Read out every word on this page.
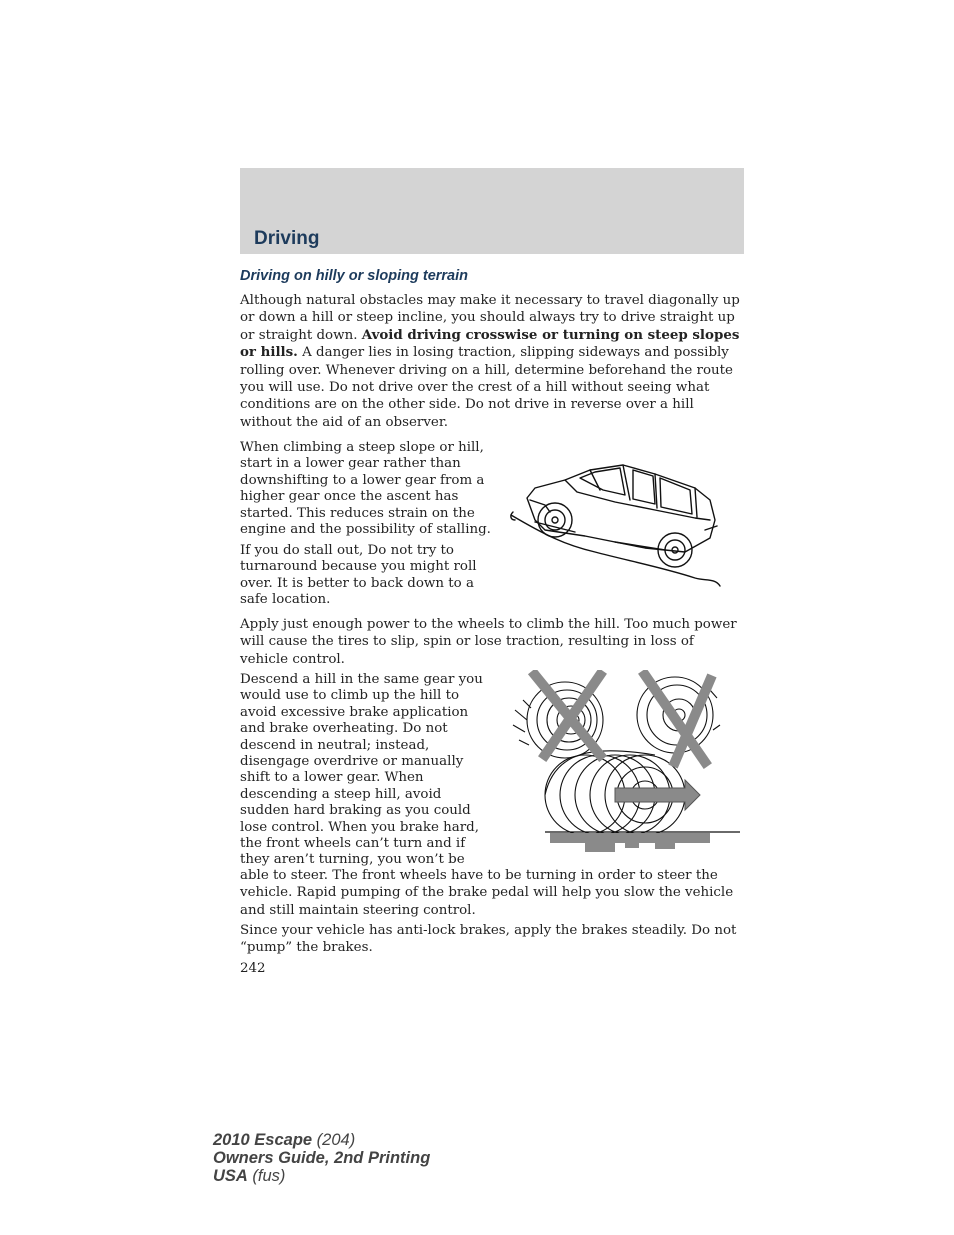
Driving
Driving on hilly or sloping terrain

Although natural obstacles may make it necessary to travel diagonally up or down a hill or steep incline, you should always try to drive straight up or straight down. Avoid driving crosswise or turning on steep slopes or hills. A danger lies in losing traction, slipping sideways and possibly rolling over. Whenever driving on a hill, determine beforehand the route you will use. Do not drive over the crest of a hill without seeing what conditions are on the other side. Do not drive in reverse over a hill without the aid of an observer.

When climbing a steep slope or hill, start in a lower gear rather than downshifting to a lower gear from a higher gear once the ascent has started. This reduces strain on the engine and the possibility of stalling.

If you do stall out, Do not try to turnaround because you might roll over. It is better to back down to a safe location.

Apply just enough power to the wheels to climb the hill. Too much power will cause the tires to slip, spin or lose traction, resulting in loss of vehicle control.

Descend a hill in the same gear you would use to climb up the hill to avoid excessive brake application and brake overheating. Do not descend in neutral; instead, disengage overdrive or manually shift to a lower gear. When descending a steep hill, avoid sudden hard braking as you could lose control. When you brake hard, the front wheels can’t turn and if they aren’t turning, you won’t be

able to steer. The front wheels have to be turning in order to steer the vehicle. Rapid pumping of the brake pedal will help you slow the vehicle and still maintain steering control.

Since your vehicle has anti-lock brakes, apply the brakes steadily. Do not “pump” the brakes.

242

2010 Escape (204)
Owners Guide, 2nd Printing
USA (fus)
